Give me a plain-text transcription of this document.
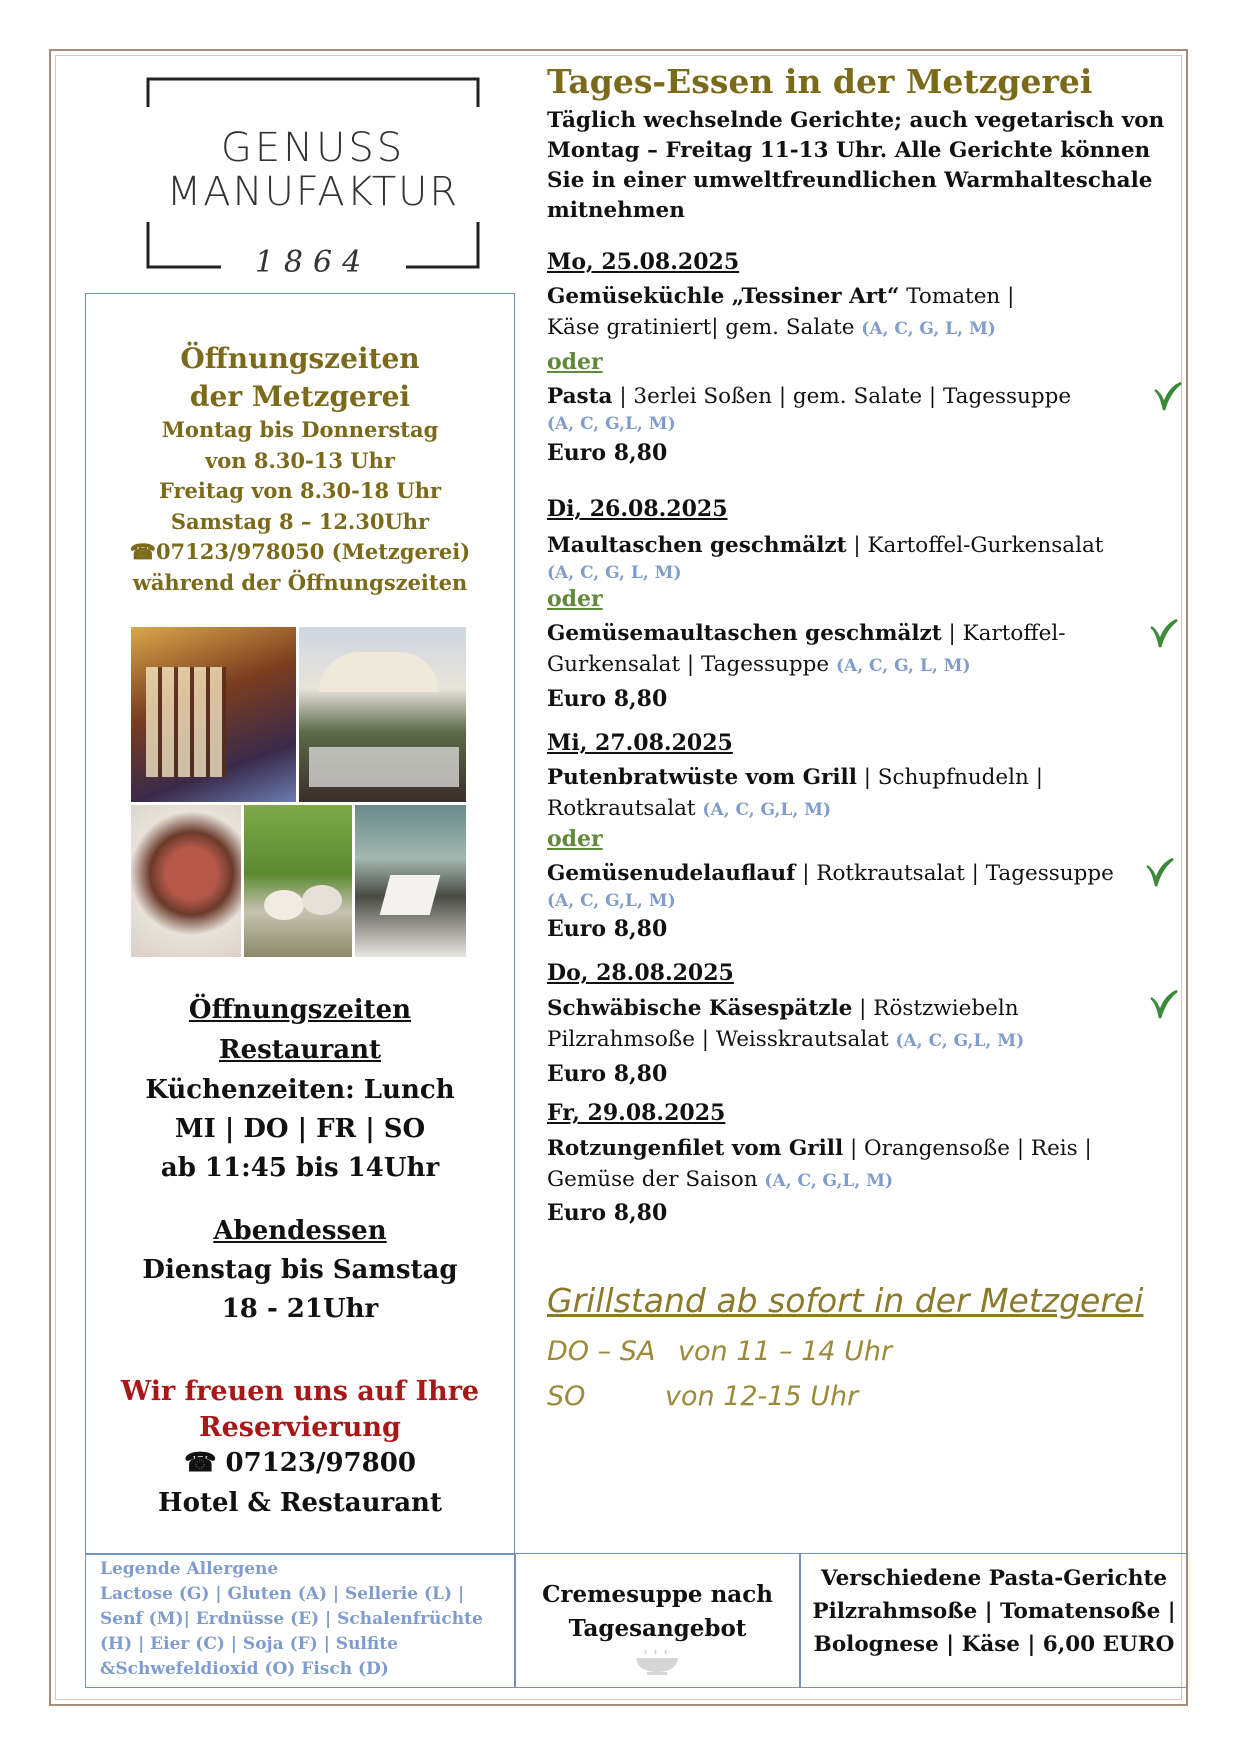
GENUSS
MANUFAKTUR
1864
Öffnungszeiten
der Metzgerei
Montag bis Donnerstag
von 8.30-13 Uhr
Freitag von 8.30-18 Uhr
Samstag 8 – 12.30Uhr
☎07123/978050 (Metzgerei)
während der Öffnungszeiten
Öffnungszeiten
Restaurant
Küchenzeiten: Lunch
MI | DO | FR | SO
ab 11:45 bis 14Uhr
Abendessen
Dienstag bis Samstag
18 - 21Uhr
Wir freuen uns auf Ihre
Reservierung
☎ 07123/97800
Hotel & Restaurant
Tages-Essen in der Metzgerei
Täglich wechselnde Gerichte; auch vegetarisch von Montag – Freitag 11-13 Uhr. Alle Gerichte können Sie in einer umweltfreundlichen Warmhalteschale mitnehmen
Mo, 25.08.2025
Gemüseküchle „Tessiner Art“ Tomaten | Käse gratiniert| gem. Salate (A, C, G, L, M)
oder
Pasta | 3erlei Soßen | gem. Salate | Tagessuppe
(A, C, G,L, M)
Euro 8,80
Di, 26.08.2025
Maultaschen geschmälzt | Kartoffel-Gurkensalat
(A, C, G, L, M)
oder
Gemüsemaultaschen geschmälzt | Kartoffel-Gurkensalat | Tagessuppe (A, C, G, L, M)
Euro 8,80
Mi, 27.08.2025
Putenbratwüste vom Grill | Schupfnudeln | Rotkrautsalat (A, C, G,L, M)
oder
Gemüsenudelauflauf | Rotkrautsalat | Tagessuppe
(A, C, G,L, M)
Euro 8,80
Do, 28.08.2025
Schwäbische Käsespätzle | Röstzwiebeln Pilzrahmsoße | Weisskrautsalat (A, C, G,L, M)
Euro 8,80
Fr, 29.08.2025
Rotzungenfilet vom Grill | Orangensoße | Reis | Gemüse der Saison (A, C, G,L, M)
Euro 8,80
Grillstand ab sofort in der Metzgerei
DO – SA von 11 – 14 Uhr
SO	von 12-15 Uhr
Legende Allergene
Lactose (G) | Gluten (A) | Sellerie (L) | Senf (M)| Erdnüsse (E) | Schalenfrüchte (H) | Eier (C) | Soja (F) | Sulfite &Schwefeldioxid (O) Fisch (D)
Cremesuppe nach
Tagesangebot
Verschiedene Pasta-Gerichte
Pilzrahmsoße | Tomatensoße |
Bolognese | Käse | 6,00 EURO
